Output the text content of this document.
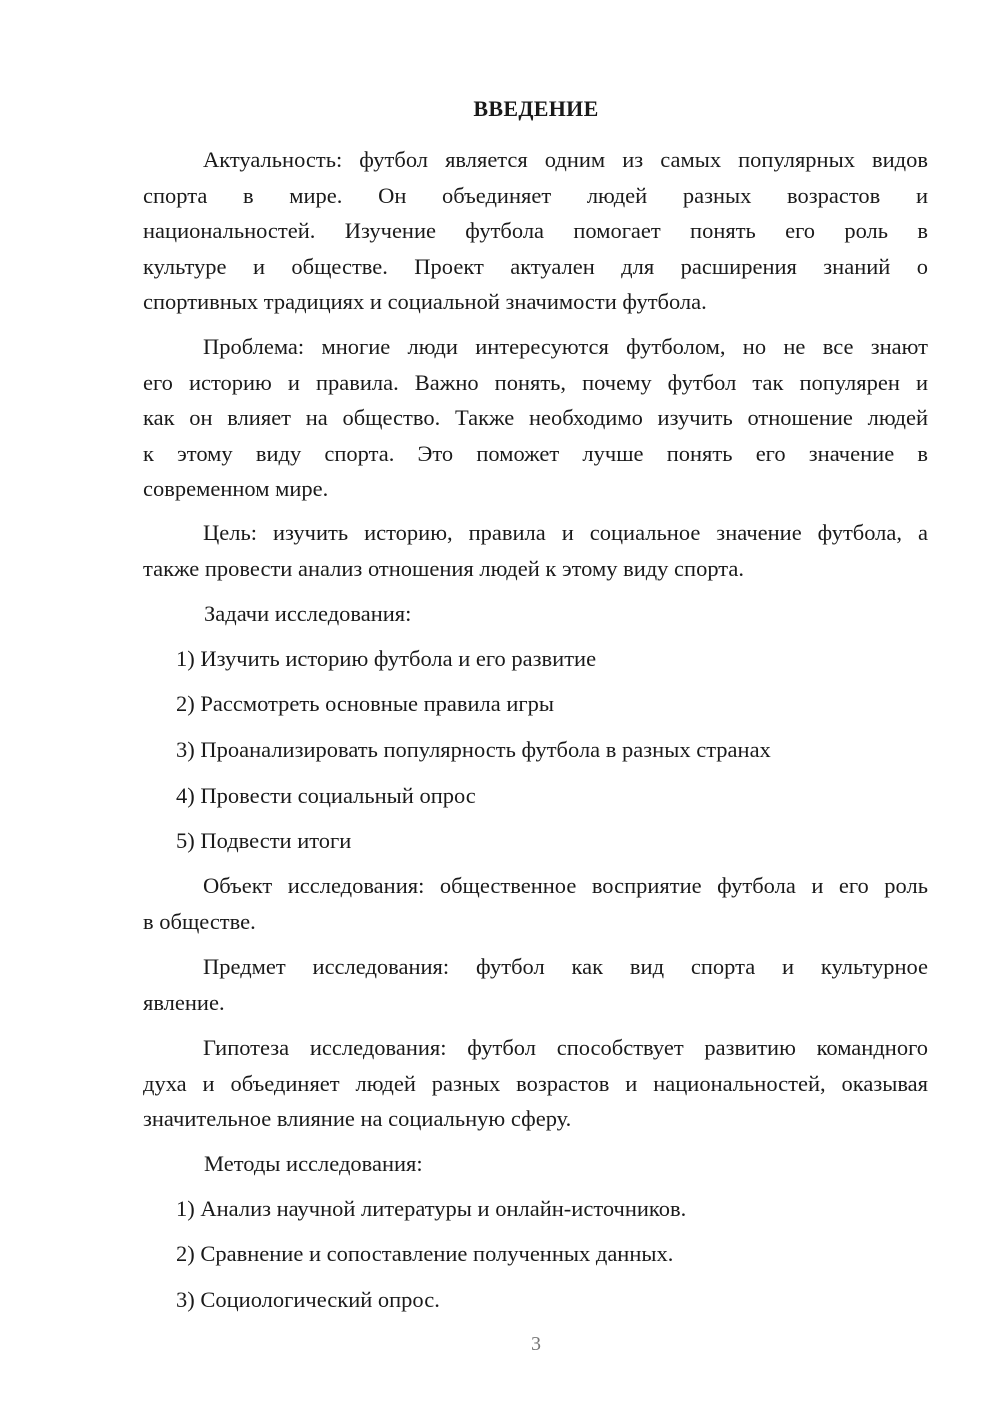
ВВЕДЕНИЕ
Актуальность: футбол является одним из самых популярных видов
спорта в мире. Он объединяет людей разных возрастов и
национальностей. Изучение футбола помогает понять его роль в
культуре и обществе. Проект актуален для расширения знаний о
спортивных традициях и социальной значимости футбола.
Проблема: многие люди интересуются футболом, но не все знают
его историю и правила. Важно понять, почему футбол так популярен и
как он влияет на общество. Также необходимо изучить отношение людей
к этому виду спорта. Это поможет лучше понять его значение в
современном мире.
Цель: изучить историю, правила и социальное значение футбола, а
также провести анализ отношения людей к этому виду спорта.
Задачи исследования:
1) Изучить историю футбола и его развитие
2) Рассмотреть основные правила игры
3) Проанализировать популярность футбола в разных странах
4) Провести социальный опрос
5) Подвести итоги
Объект исследования: общественное восприятие футбола и его роль
в обществе.
Предмет исследования: футбол как вид спорта и культурное
явление.
Гипотеза исследования: футбол способствует развитию командного
духа и объединяет людей разных возрастов и национальностей, оказывая
значительное влияние на социальную сферу.
Методы исследования:
1) Анализ научной литературы и онлайн-источников.
2) Сравнение и сопоставление полученных данных.
3) Социологический опрос.
3
